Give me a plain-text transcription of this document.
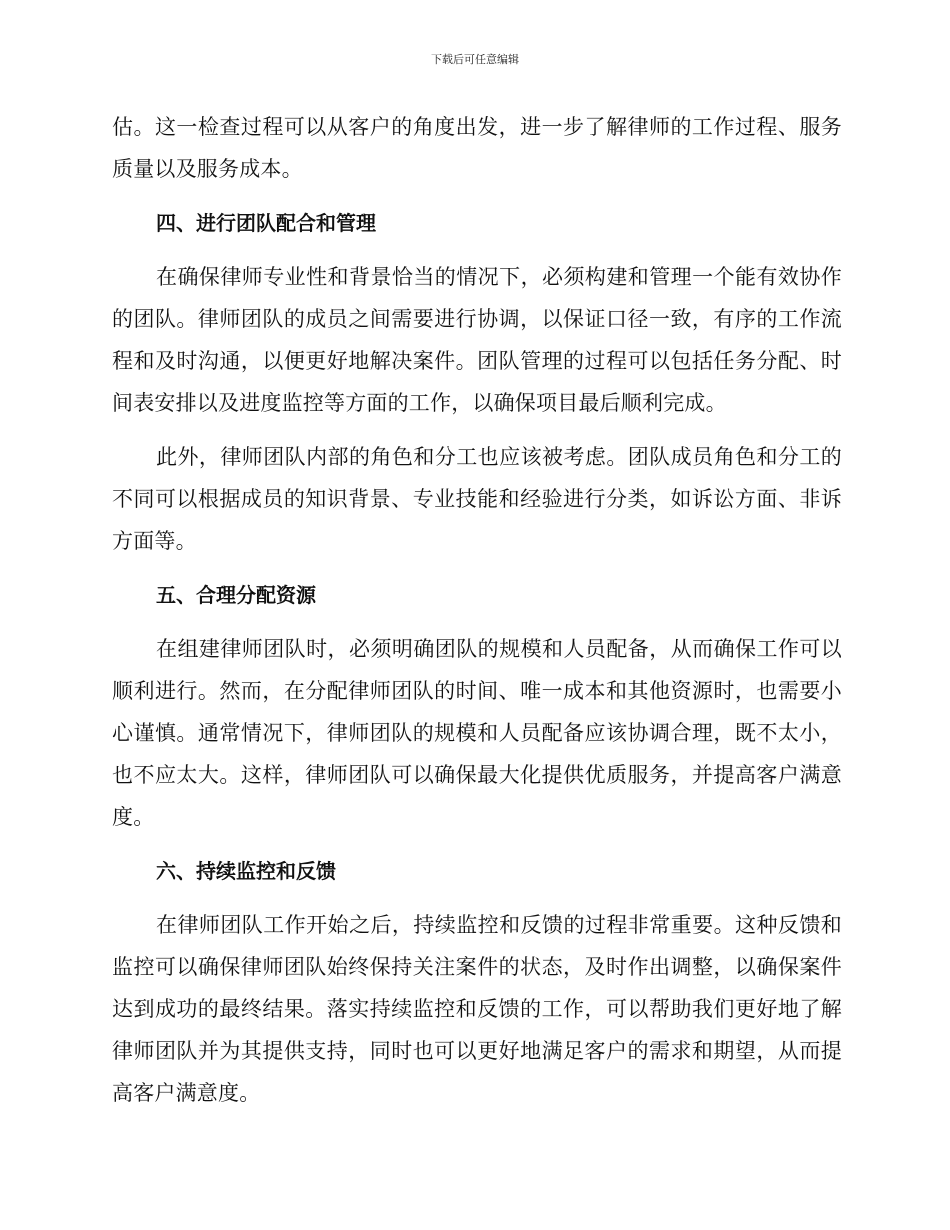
下载后可任意编辑

估。这一检查过程可以从客户的角度出发，进一步了解律师的工作过程、服务质量以及服务成本。

四、进行团队配合和管理

在确保律师专业性和背景恰当的情况下，必须构建和管理一个能有效协作的团队。律师团队的成员之间需要进行协调，以保证口径一致，有序的工作流程和及时沟通，以便更好地解决案件。团队管理的过程可以包括任务分配、时间表安排以及进度监控等方面的工作，以确保项目最后顺利完成。

此外，律师团队内部的角色和分工也应该被考虑。团队成员角色和分工的不同可以根据成员的知识背景、专业技能和经验进行分类，如诉讼方面、非诉方面等。

五、合理分配资源

在组建律师团队时，必须明确团队的规模和人员配备，从而确保工作可以顺利进行。然而，在分配律师团队的时间、唯一成本和其他资源时，也需要小心谨慎。通常情况下，律师团队的规模和人员配备应该协调合理，既不太小，也不应太大。这样，律师团队可以确保最大化提供优质服务，并提高客户满意度。

六、持续监控和反馈

在律师团队工作开始之后，持续监控和反馈的过程非常重要。这种反馈和监控可以确保律师团队始终保持关注案件的状态，及时作出调整，以确保案件达到成功的最终结果。落实持续监控和反馈的工作，可以帮助我们更好地了解律师团队并为其提供支持，同时也可以更好地满足客户的需求和期望，从而提高客户满意度。
